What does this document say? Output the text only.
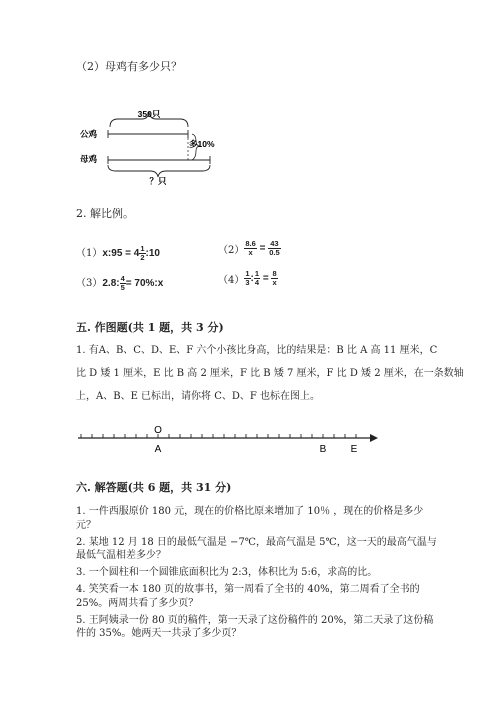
（2）母鸡有多少只？
350只
公鸡
多10%
母鸡
？只
2. 解比例。
（1）x:95 = $4 \frac{1}{2}$ :10	$(2) \frac{8.6}{x} = \frac{43}{0.5}$
（3）2.8: $\frac{4}{5}$ = 70%:x	$(4) \frac{1}{3}$ : $\frac{1}{4} = \frac{8}{x}$
五. 作图题(共 1 题，共 3 分)
1. 有A、B、C、D、E、F 六个小孩比身高，比的结果是：B 比 A 高 11 厘米，C
比 D 矮 1 厘米，E 比 B 高 2 厘米，F 比 B 矮 7 厘米，F 比 D 矮 2 厘米，在一条数轴
上，A、B、E 已标出，请你将 C、D、F 也标在图上。
O
A	B E
六. 解答题(共 6 题，共 31 分)
1. 一件西服原价 180 元，现在的价格比原来增加了 10％ ，现在的价格是多少
元？
2. 某地 12 月 18 日的最低气温是 −7℃，最高气温是 5℃，这一天的最高气温与
最低气温相差多少？
3. 一个圆柱和一个圆锥底面积比为 2:3，体积比为 5:6，求高的比。
4. 笑笑看一本 180 页的故事书，第一周看了全书的 40%，第二周看了全书的
25%。两周共看了多少页？
5. 王阿姨录一份 80 页的稿件，第一天录了这份稿件的 20%，第二天录了这份稿
件的 35%。她两天一共录了多少页？
